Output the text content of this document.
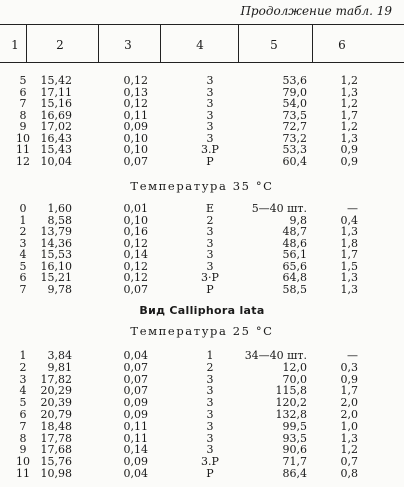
Продолжение табл. 19
1	2	3	4	5	6
5	15,42	0,12	3	53,6	1,2
6	17,11	0,13	3	79,0	1,3
7	15,16	0,12	3	54,0	1,2
8	16,69	0,11	3	73,5	1,7
9	17,02	0,09	3	72,7	1,2
10 16,43	0,10	3	73,2	1,3
11 15,43	0,10	3.P	53,3	0,9
12 10,04	0,07	P	60,4	0,9
Температура 35 °С
0	1,60	0,01	Е	5—40 шт.	—
1	8,58	0,10	2	9,8	0,4
2	13,79	0,16	3	48,7	1,3
3	14,36	0,12	3	48,6	1,8
4	15,53	0,14	3	56,1	1,7
5	16,10	0,12	3	65,6	1,5
6	15,21	0,12	3·P	64,8	1,3
7	9,78	0,07	P	58,5	1,3
Вид Calliphora lata
Температура 25 °С
1	3,84	0,04	1	34—40 шт.	—
2	9,81	0,07	2	12,0	0,3
3	17,82	0,07	3	70,0	0,9
4	20,29	0,07	3	115,8	1,7
5	20,39	0,09	3	120,2	2,0
6	20,79	0,09	3	132,8	2,0
7	18,48	0,11	3	99,5	1,0
8	17,78	0,11	3	93,5	1,3
9	17,68	0,14	3	90,6	1,2
10 15,76	0,09	3.P	71,7	0,7
11 10,98	0,04	P	86,4	0,8
